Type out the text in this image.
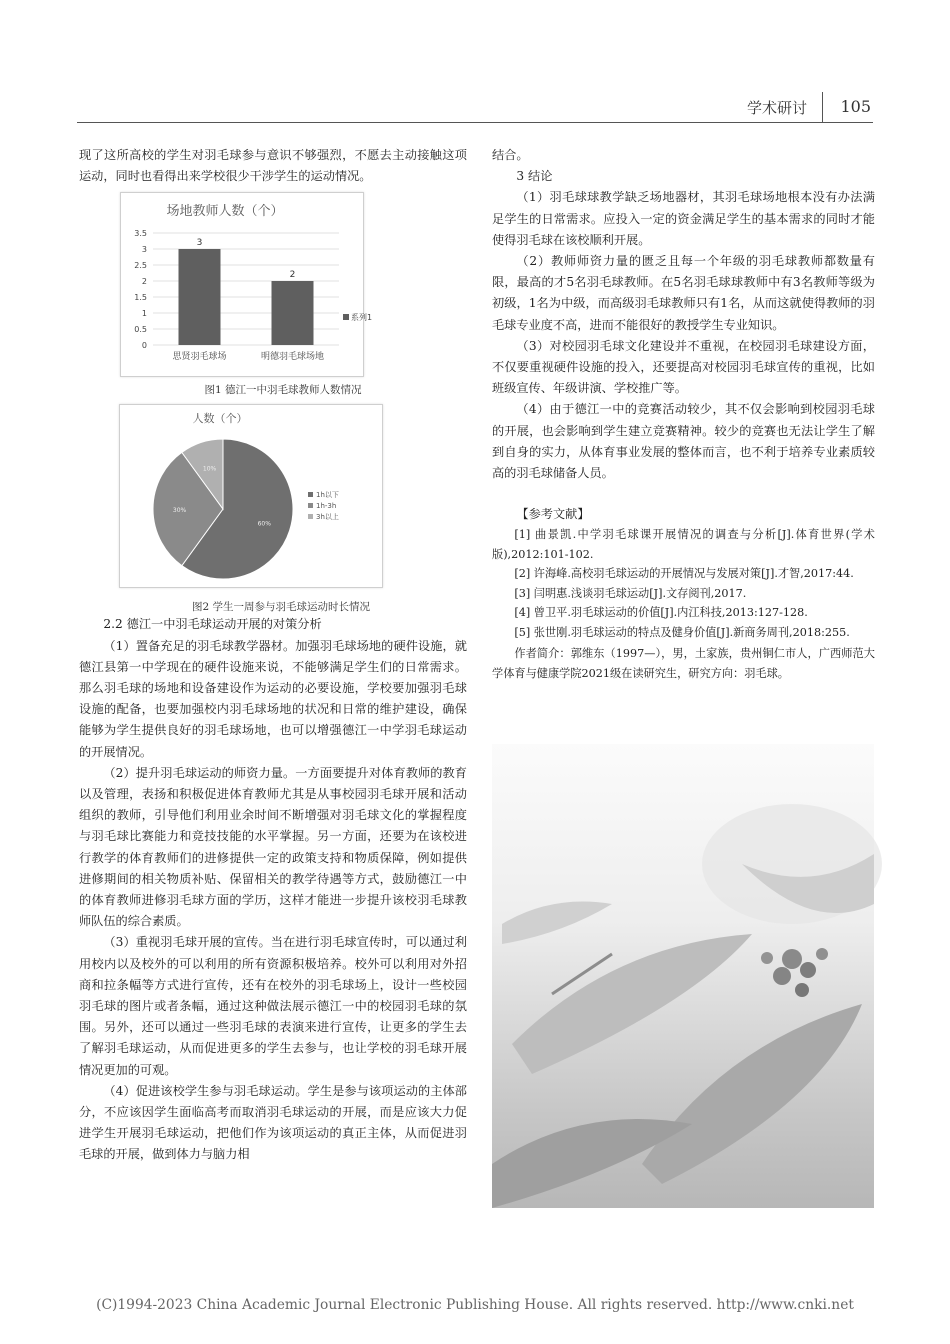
学术研讨 105

现了这所高校的学生对羽毛球参与意识不够强烈，不愿去主动接触这项运动，同时也看得出来学校很少干涉学生的运动情况。

场地教师人数（个）
0
0.5
1
1.5
2
2.5
3
3.5
3
思贤羽毛球场
2
明德羽毛球场地
系列1
图1 德江一中羽毛球教师人数情况
人数（个）
60%
30%
10%
1h以下
1h-3h
3h以上
图2 学生一周参与羽毛球运动时长情况

2.2 德江一中羽毛球运动开展的对策分析

（1）置备充足的羽毛球教学器材。加强羽毛球场地的硬件设施，就德江县第一中学现在的硬件设施来说，不能够满足学生们的日常需求。那么羽毛球的场地和设备建设作为运动的必要设施，学校要加强羽毛球设施的配备，也要加强校内羽毛球场地的状况和日常的维护建设，确保能够为学生提供良好的羽毛球场地，也可以增强德江一中学羽毛球运动的开展情况。

（2）提升羽毛球运动的师资力量。一方面要提升对体育教师的教育以及管理，表扬和积极促进体育教师尤其是从事校园羽毛球开展和活动组织的教师，引导他们利用业余时间不断增强对羽毛球文化的掌握程度与羽毛球比赛能力和竞技技能的水平掌握。另一方面，还要为在该校进行教学的体育教师们的进修提供一定的政策支持和物质保障，例如提供进修期间的相关物质补贴、保留相关的教学待遇等方式，鼓励德江一中的体育教师进修羽毛球方面的学历，这样才能进一步提升该校羽毛球教师队伍的综合素质。

（3）重视羽毛球开展的宣传。当在进行羽毛球宣传时，可以通过利用校内以及校外的可以利用的所有资源积极培养。校外可以利用对外招商和拉条幅等方式进行宣传，还有在校外的羽毛球场上，设计一些校园羽毛球的图片或者条幅，通过这种做法展示德江一中的校园羽毛球的氛围。另外，还可以通过一些羽毛球的表演来进行宣传，让更多的学生去了解羽毛球运动，从而促进更多的学生去参与，也让学校的羽毛球开展情况更加的可观。

（4）促进该校学生参与羽毛球运动。学生是参与该项运动的主体部分，不应该因学生面临高考而取消羽毛球运动的开展，而是应该大力促进学生开展羽毛球运动，把他们作为该项运动的真正主体，从而促进羽毛球的开展，做到体力与脑力相

结合。

3 结论

（1）羽毛球球教学缺乏场地器材，其羽毛球场地根本没有办法满足学生的日常需求。应投入一定的资金满足学生的基本需求的同时才能使得羽毛球在该校顺利开展。

（2）教师师资力量的匮乏且每一个年级的羽毛球教师都数量有限，最高的才5名羽毛球教师。在5名羽毛球球教师中有3名教师等级为初级，1名为中级，而高级羽毛球教师只有1名，从而这就使得教师的羽毛球专业度不高，进而不能很好的教授学生专业知识。

（3）对校园羽毛球文化建设并不重视，在校园羽毛球建设方面，不仅要重视硬件设施的投入，还要提高对校园羽毛球宣传的重视，比如班级宣传、年级讲演、学校推广等。

（4）由于德江一中的竞赛活动较少，其不仅会影响到校园羽毛球的开展，也会影响到学生建立竞赛精神。较少的竞赛也无法让学生了解到自身的实力，从体育事业发展的整体而言，也不利于培养专业素质较高的羽毛球储备人员。

【参考文献】

[1] 曲景凯.中学羽毛球课开展情况的调查与分析[J].体育世界(学术版),2012:101-102.

[2] 许海峰.高校羽毛球运动的开展情况与发展对策[J].才智,2017:44.

[3] 闫明惠.浅谈羽毛球运动[J].文存阅刊,2017.

[4] 曾卫平.羽毛球运动的价值[J].内江科技,2013:127-128.

[5] 张世刚.羽毛球运动的特点及健身价值[J].新商务周刊,2018:255.

作者简介：郭维东（1997—），男，土家族，贵州铜仁市人，广西师范大学体育与健康学院2021级在读研究生，研究方向：羽毛球。

(C)1994-2023 China Academic Journal Electronic Publishing House. All rights reserved. http://www.cnki.net
